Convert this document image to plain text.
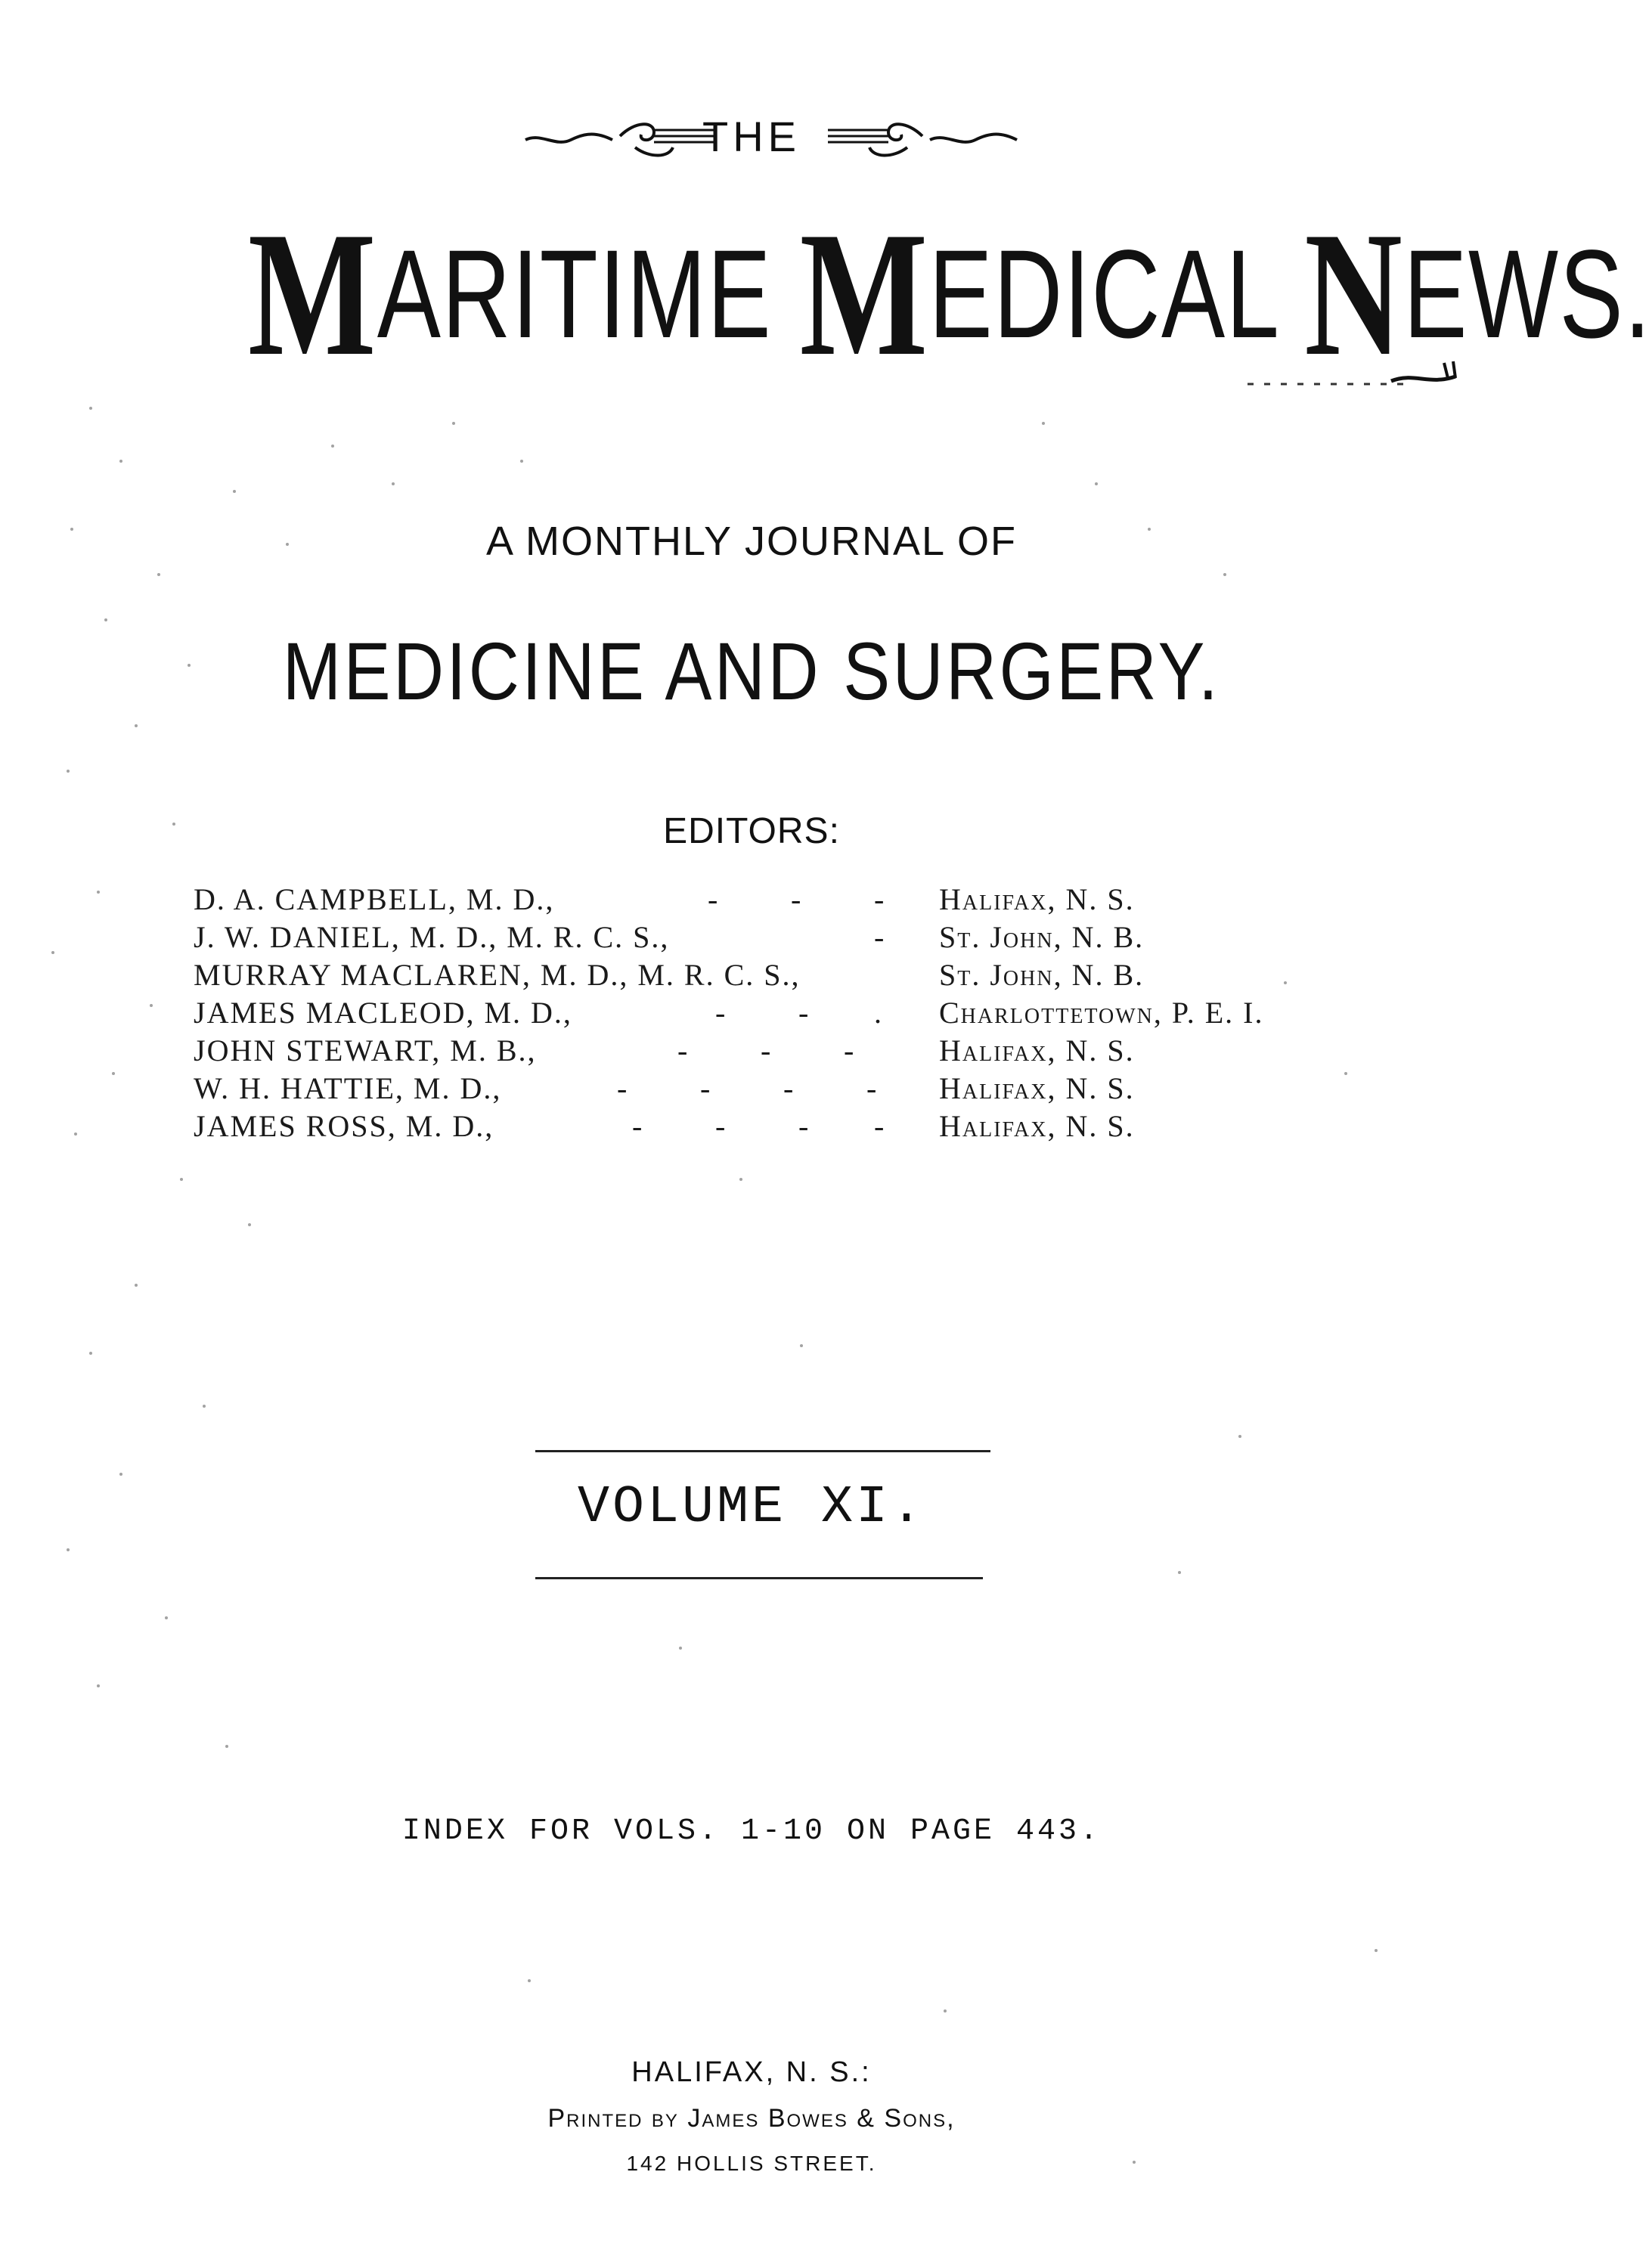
THE
MARITIME MEDICAL NEWS.
A MONTHLY JOURNAL OF
MEDICINE AND SURGERY.
EDITORS:
D. A. CAMPBELL, M. D.,	- - - Halifax, N. S.
J. W. DANIEL, M. D., M. R. C. S.,	- St. John, N. B.
MURRAY MACLAREN, M. D., M. R. C. S.,	St. John, N. B.
JAMES MACLEOD, M. D.,	- - . Charlottetown, P. E. I.
JOHN STEWART, M. B.,	- - -	Halifax, N. S.
W. H. HATTIE, M. D.,	- - - - Halifax, N. S.
JAMES ROSS, M. D.,	- - - - Halifax, N. S.
VOLUME XI.
INDEX FOR VOLS. 1-10 ON PAGE 443.
HALIFAX, N. S.:
Printed by James Bowes & Sons,
142 HOLLIS STREET.
